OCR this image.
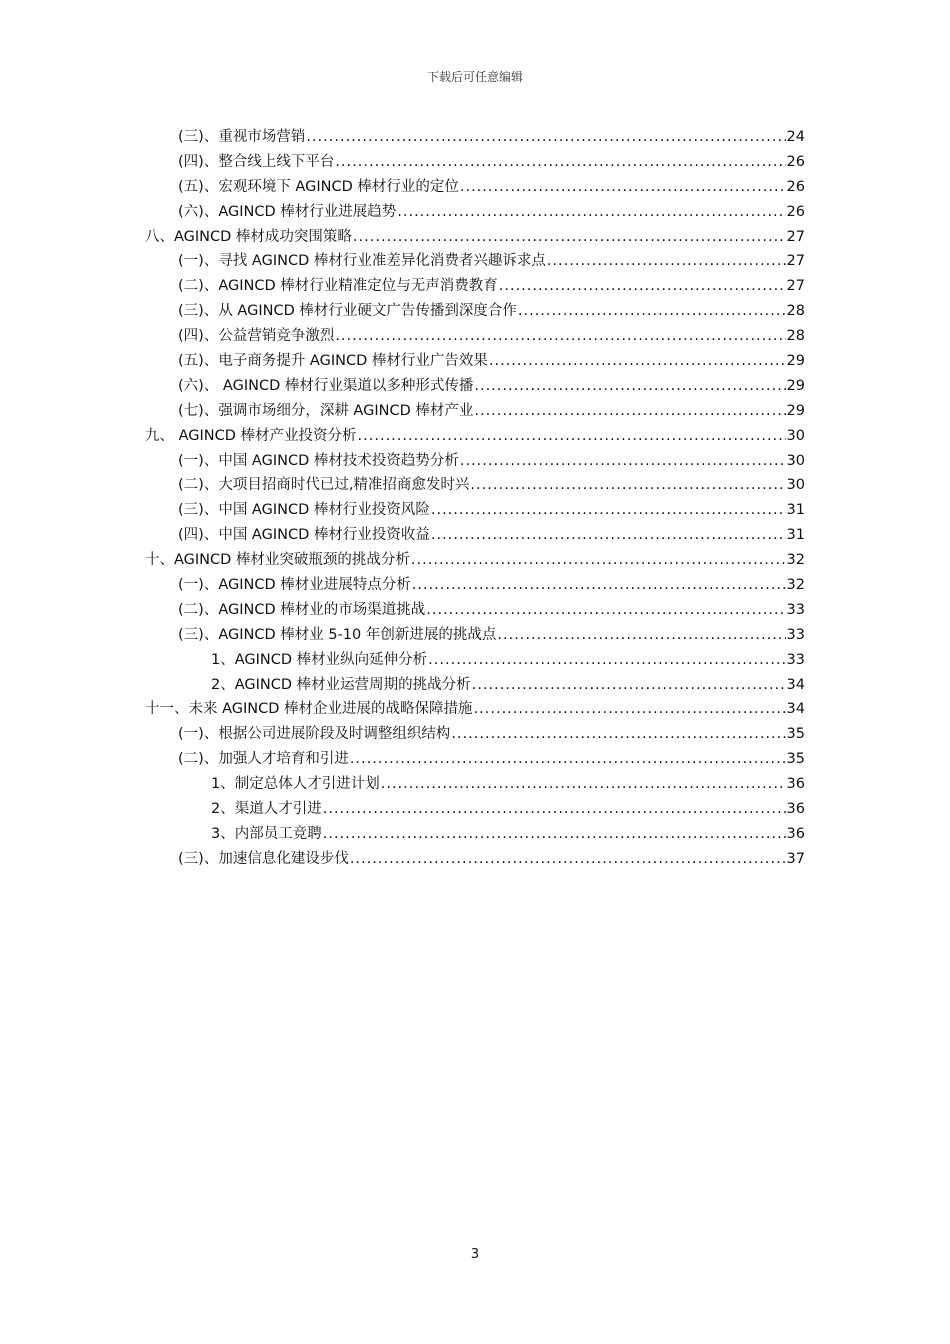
下载后可任意编辑
(三)、重视市场营销 .....	24
(四)、整合线上线下平台 .....	26
(五)、宏观环境下 AGINCD 棒材行业的定位 .....	26
(六)、AGINCD 棒材行业进展趋势 .....	26
八、AGINCD 棒材成功突围策略 .....	27
(一)、寻找 AGINCD 棒材行业准差异化消费者兴趣诉求点 .....	27
(二)、AGINCD 棒材行业精准定位与无声消费教育 .....	27
(三)、从 AGINCD 棒材行业硬文广告传播到深度合作 .....	28
(四)、公益营销竞争激烈 .....	28
(五)、电子商务提升 AGINCD 棒材行业广告效果 .....	29
(六)、 AGINCD 棒材行业渠道以多种形式传播 .....	29
(七)、强调市场细分，深耕 AGINCD 棒材产业 .....	29
九、 AGINCD 棒材产业投资分析 .....	30
(一)、中国 AGINCD 棒材技术投资趋势分析 .....	30
(二)、大项目招商时代已过,精准招商愈发时兴 .....	30
(三)、中国 AGINCD 棒材行业投资风险 .....	31
(四)、中国 AGINCD 棒材行业投资收益 .....	31
十、AGINCD 棒材业突破瓶颈的挑战分析 .....	32
(一)、AGINCD 棒材业进展特点分析 .....	32
(二)、AGINCD 棒材业的市场渠道挑战 .....	33
(三)、AGINCD 棒材业 5-10 年创新进展的挑战点 .....	33
1、AGINCD 棒材业纵向延伸分析 .....	33
2、AGINCD 棒材业运营周期的挑战分析 .....	34
十一、未来 AGINCD 棒材企业进展的战略保障措施 .....	34
(一)、根据公司进展阶段及时调整组织结构 .....	35
(二)、加强人才培育和引进 .....	35
1、制定总体人才引进计划 .....	36
2、渠道人才引进 .....	36
3、内部员工竞聘 .....	36
(三)、加速信息化建设步伐 .....	37
3
